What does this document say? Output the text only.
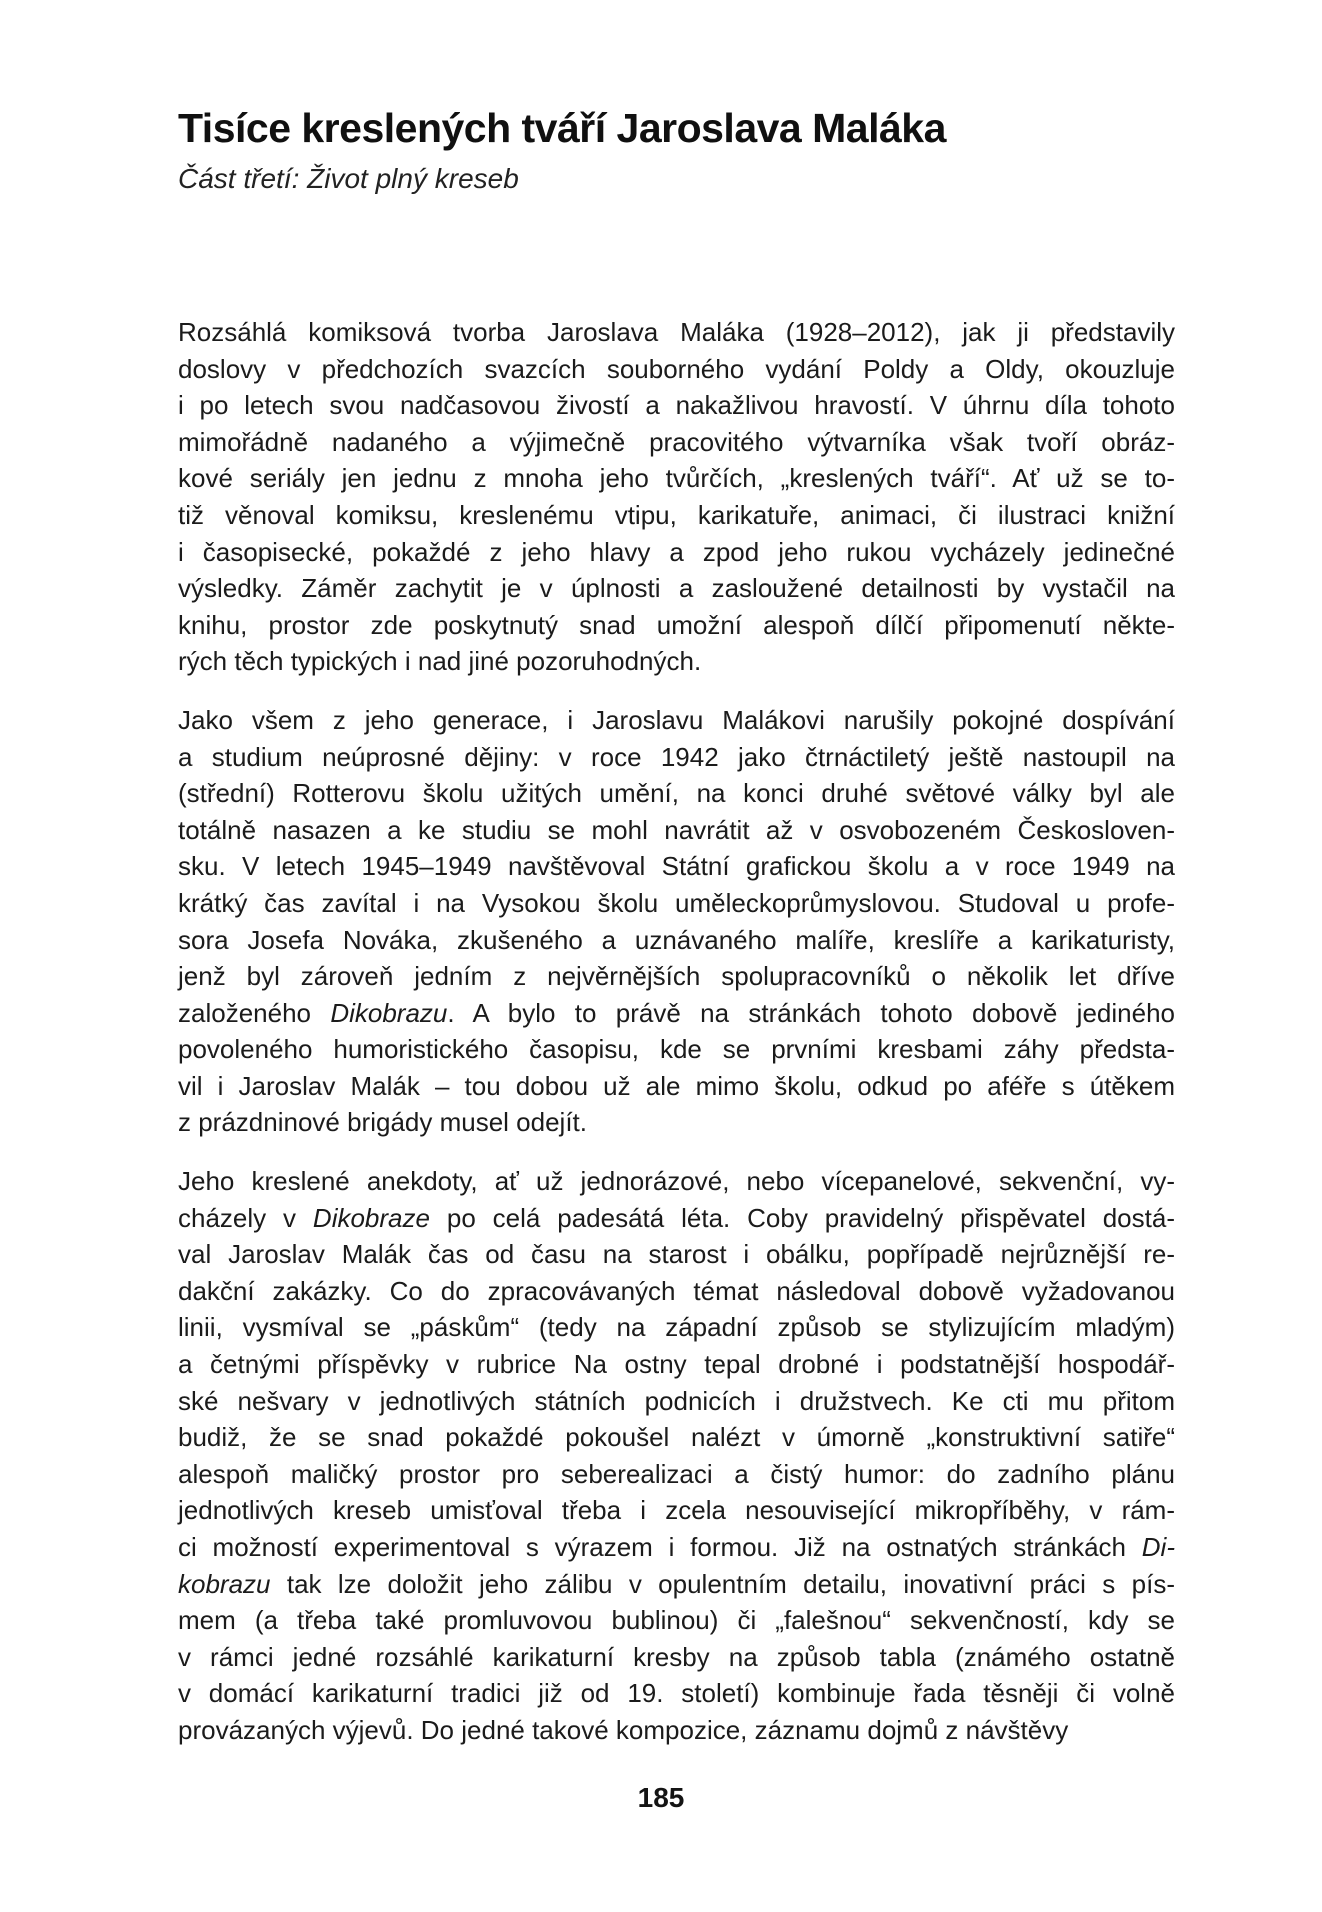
Tisíce kreslených tváří Jaroslava Maláka

Část třetí: Život plný kreseb

Rozsáhlá komiksová tvorba Jaroslava Maláka (1928–2012), jak ji představily
doslovy v předchozích svazcích souborného vydání Poldy a Oldy, okouzluje
i po letech svou nadčasovou živostí a nakažlivou hravostí. V úhrnu díla tohoto
mimořádně nadaného a výjimečně pracovitého výtvarníka však tvoří obráz-
kové seriály jen jednu z mnoha jeho tvůrčích, „kreslených tváří“. Ať už se to-
tiž věnoval komiksu, kreslenému vtipu, karikatuře, animaci, či ilustraci knižní
i časopisecké, pokaždé z jeho hlavy a zpod jeho rukou vycházely jedinečné
výsledky. Záměr zachytit je v úplnosti a zasloužené detailnosti by vystačil na
knihu, prostor zde poskytnutý snad umožní alespoň dílčí připomenutí někte-
rých těch typických i nad jiné pozoruhodných.
Jako všem z jeho generace, i Jaroslavu Malákovi narušily pokojné dospívání
a studium neúprosné dějiny: v roce 1942 jako čtrnáctiletý ještě nastoupil na
(střední) Rotterovu školu užitých umění, na konci druhé světové války byl ale
totálně nasazen a ke studiu se mohl navrátit až v osvobozeném Českosloven-
sku. V letech 1945–1949 navštěvoval Státní grafickou školu a v roce 1949 na
krátký čas zavítal i na Vysokou školu uměleckoprůmyslovou. Studoval u profe-
sora Josefa Nováka, zkušeného a uznávaného malíře, kreslíře a karikaturisty,
jenž byl zároveň jedním z nejvěrnějších spolupracovníků o několik let dříve
založeného Dikobrazu. A bylo to právě na stránkách tohoto dobově jediného
povoleného humoristického časopisu, kde se prvními kresbami záhy předsta-
vil i Jaroslav Malák – tou dobou už ale mimo školu, odkud po aféře s útěkem
z prázdninové brigády musel odejít.
Jeho kreslené anekdoty, ať už jednorázové, nebo vícepanelové, sekvenční, vy-
cházely v Dikobraze po celá padesátá léta. Coby pravidelný přispěvatel dostá-
val Jaroslav Malák čas od času na starost i obálku, popřípadě nejrůznější re-
dakční zakázky. Co do zpracovávaných témat následoval dobově vyžadovanou
linii, vysmíval se „páskům“ (tedy na západní způsob se stylizujícím mladým)
a četnými příspěvky v rubrice Na ostny tepal drobné i podstatnější hospodář-
ské nešvary v jednotlivých státních podnicích i družstvech. Ke cti mu přitom
budiž, že se snad pokaždé pokoušel nalézt v úmorně „konstruktivní satiře“
alespoň maličký prostor pro seberealizaci a čistý humor: do zadního plánu
jednotlivých kreseb umisťoval třeba i zcela nesouvisející mikropříběhy, v rám-
ci možností experimentoval s výrazem i formou. Již na ostnatých stránkách Di-
kobrazu tak lze doložit jeho zálibu v opulentním detailu, inovativní práci s pís-
mem (a třeba také promluvovou bublinou) či „falešnou“ sekvenčností, kdy se
v rámci jedné rozsáhlé karikaturní kresby na způsob tabla (známého ostatně
v domácí karikaturní tradici již od 19. století) kombinuje řada těsněji či volně
provázaných výjevů. Do jedné takové kompozice, záznamu dojmů z návštěvy
185
